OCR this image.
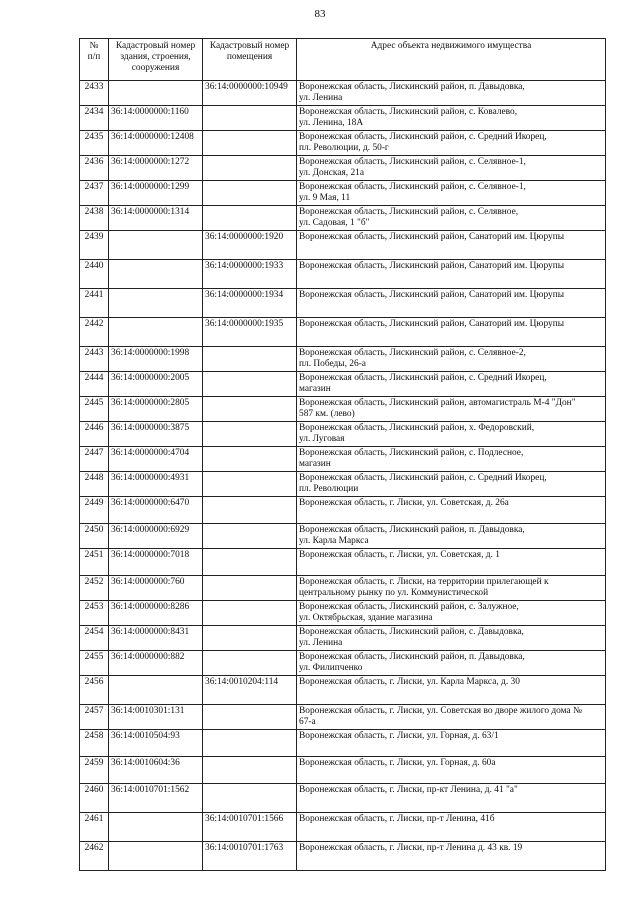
83
№
п/п	Кадастровый номер здания, строения, сооружения	Кадастровый номер помещения	Адрес объекта недвижимого имущества
2433		36:14:0000000:10949	Воронежская область, Лискинский район, п. Давыдовка,
ул. Ленина
2434	36:14:0000000:1160		Воронежская область, Лискинский район, с. Ковалево,
ул. Ленина, 18А
2435	36:14:0000000:12408		Воронежская область, Лискинский район, с. Средний Икорец,
пл. Революции, д. 50-г
2436	36:14:0000000:1272		Воронежская область, Лискинский район, с. Селявное-1,
ул. Донская, 21а
2437	36:14:0000000:1299		Воронежская область, Лискинский район, с. Селявное-1,
ул. 9 Мая, 11
2438	36:14:0000000:1314		Воронежская область, Лискинский район, с. Селявное,
ул. Садовая, 1 "б"
2439		36:14:0000000:1920	Воронежская область, Лискинский район, Санаторий им. Цюрупы
2440		36:14:0000000:1933	Воронежская область, Лискинский район, Санаторий им. Цюрупы
2441		36:14:0000000:1934	Воронежская область, Лискинский район, Санаторий им. Цюрупы
2442		36:14:0000000:1935	Воронежская область, Лискинский район, Санаторий им. Цюрупы
2443	36:14:0000000:1998		Воронежская область, Лискинский район, с. Селявное-2,
пл. Победы, 26-а
2444	36:14:0000000:2005		Воронежская область, Лискинский район, с. Средний Икорец,
магазин
2445	36:14:0000000:2805		Воронежская область, Лискинский район, автомагистраль М-4 "Дон"
587 км. (лево)
2446	36:14:0000000:3875		Воронежская область, Лискинский район, х. Федоровский,
ул. Луговая
2447	36:14:0000000:4704		Воронежская область, Лискинский район, с. Подлесное,
магазин
2448	36:14:0000000:4931		Воронежская область, Лискинский район, с. Средний Икорец,
пл. Революции
2449	36:14:0000000:6470		Воронежская область, г. Лиски, ул. Советская, д. 26а
2450	36:14:0000000:6929		Воронежская область, Лискинский район, п. Давыдовка,
ул. Карла Маркса
2451	36:14:0000000:7018		Воронежская область, г. Лиски, ул. Советская, д. 1
2452	36:14:0000000:760		Воронежская область, г. Лиски, на территории прилегающей к
центральному рынку по ул. Коммунистической
2453	36:14:0000000:8286		Воронежская область, Лискинский район, с. Залужное,
ул. Октябрьская, здание магазина
2454	36:14:0000000:8431		Воронежская область, Лискинский район, с. Давыдовка,
ул. Ленина
2455	36:14:0000000:882		Воронежская область, Лискинский район, п. Давыдовка,
ул. Филипченко
2456		36:14:0010204:114	Воронежская область, г. Лиски, ул. Карла Маркса, д. 30
2457	36:14:0010301:131		Воронежская область, г. Лиски, ул. Советская во дворе жилого дома №
67-а
2458	36:14:0010504:93		Воронежская область, г. Лиски, ул. Горная, д. 63/1
2459	36:14:0010604:36		Воронежская область, г. Лиски, ул. Горная, д. 60а
2460	36:14:0010701:1562		Воронежская область, г. Лиски, пр-кт Ленина, д. 41 "а"
2461		36:14:0010701:1566	Воронежская область, г. Лиски, пр-т Ленина, 41б
2462		36:14:0010701:1763	Воронежская область, г. Лиски, пр-т Ленина д. 43 кв. 19
